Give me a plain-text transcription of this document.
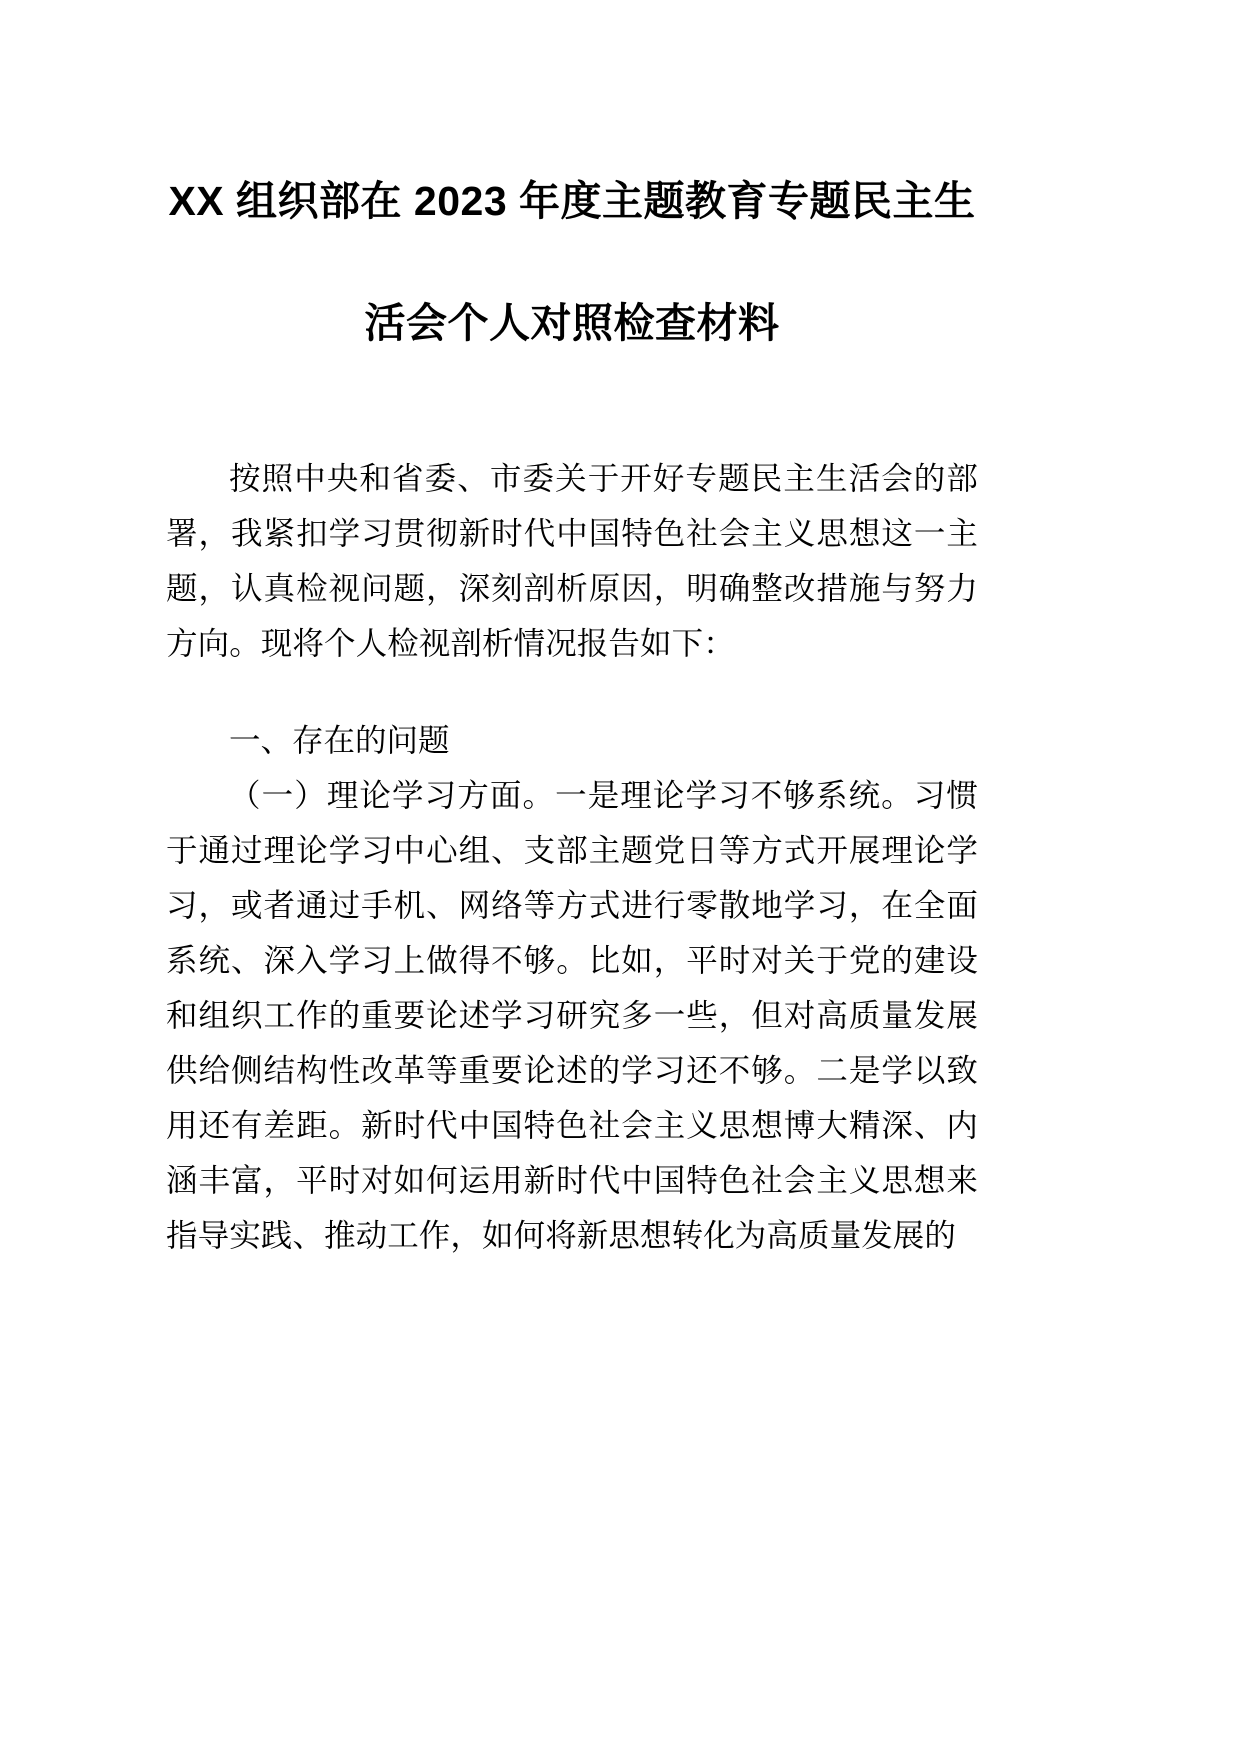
XX 组织部在 2023 年度主题教育专题民主生
活会个人对照检查材料

按照中央和省委、市委关于开好专题民主生活会的部署，我紧扣学习贯彻新时代中国特色社会主义思想这一主题，认真检视问题，深刻剖析原因，明确整改措施与努力方向。现将个人检视剖析情况报告如下：

一、存在的问题

（一）理论学习方面。一是理论学习不够系统。习惯于通过理论学习中心组、支部主题党日等方式开展理论学习，或者通过手机、网络等方式进行零散地学习，在全面系统、深入学习上做得不够。比如，平时对关于党的建设和组织工作的重要论述学习研究多一些，但对高质量发展供给侧结构性改革等重要论述的学习还不够。二是学以致用还有差距。新时代中国特色社会主义思想博大精深、内涵丰富，平时对如何运用新时代中国特色社会主义思想来指导实践、推动工作，如何将新思想转化为高质量发展的
